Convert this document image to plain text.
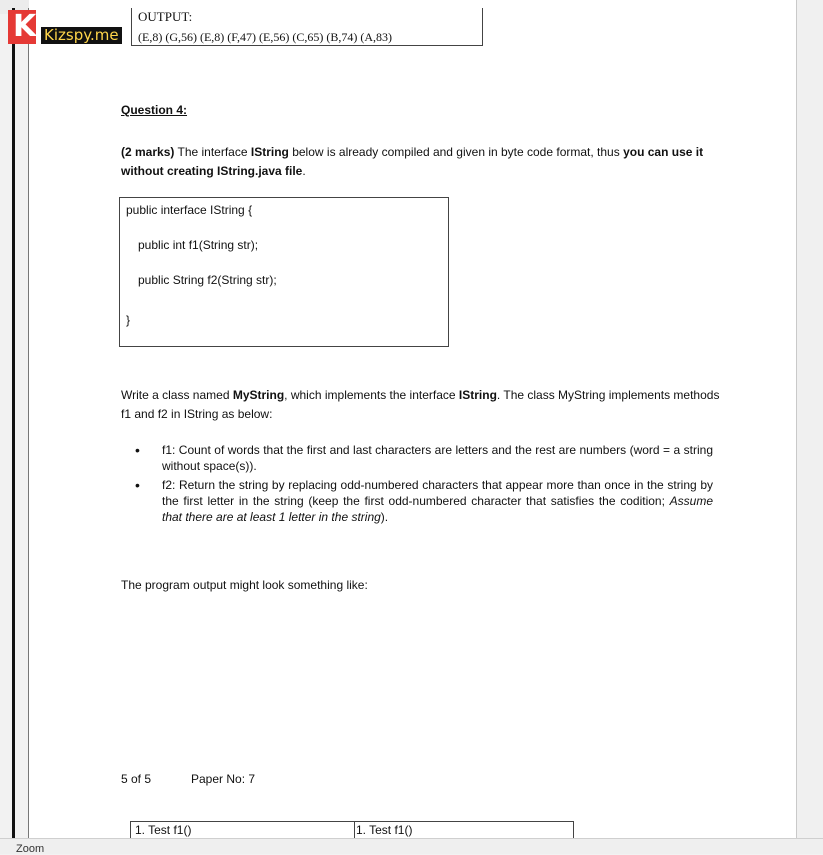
K Kizspy.me
OUTPUT:
(E,8) (G,56) (E,8) (F,47) (E,56) (C,65) (B,74) (A,83)
Question 4:
(2 marks) The interface IString below is already compiled and given in byte code format, thus you can use it without creating IString.java file.
public interface IString {
public int f1(String str);
public String f2(String str);
}
Write a class named MyString, which implements the interface IString. The class MyString implements methods f1 and f2 in IString as below:
• f1: Count of words that the first and last characters are letters and the rest are numbers (word = a string without space(s)).
• f2: Return the string by replacing odd-numbered characters that appear more than once in the string by the first letter in the string (keep the first odd-numbered character that satisfies the codition; Assume that there are at least 1 letter in the string).
The program output might look something like:
5 of 5	Paper No: 7
1. Test f1()	1. Test f1()
Zoom
